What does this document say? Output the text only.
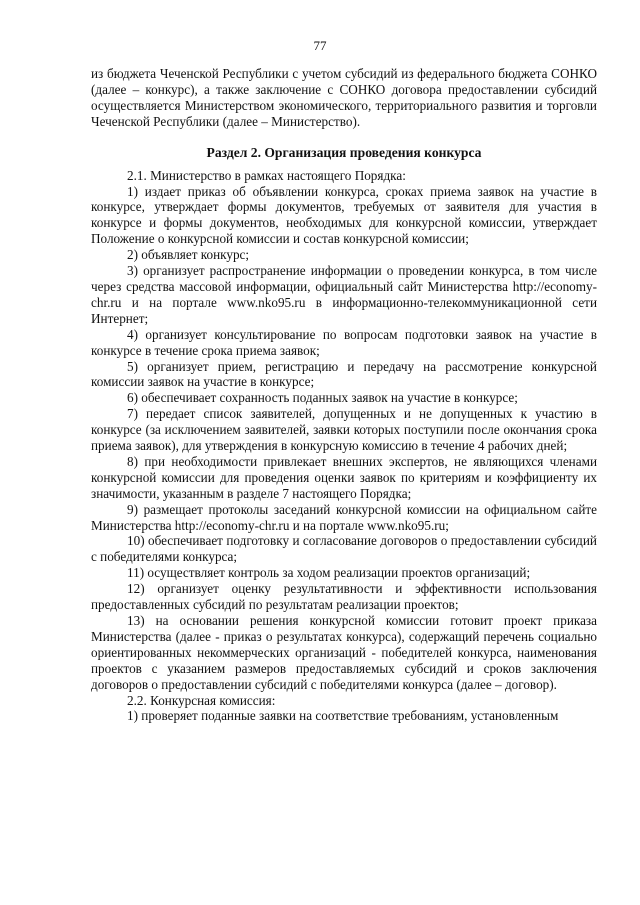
77

из бюджета Чеченской Республики с учетом субсидий из федерального бюджета СОНКО (далее – конкурс), а также заключение с СОНКО договора предоставлении субсидий осуществляется Министерством экономического, территориального развития и торговли Чеченской Республики (далее – Министерство).

Раздел 2. Организация проведения конкурса

2.1. Министерство в рамках настоящего Порядка:

1) издает приказ об объявлении конкурса, сроках приема заявок на участие в конкурсе, утверждает формы документов, требуемых от заявителя для участия в конкурсе и формы документов, необходимых для конкурсной комиссии, утверждает Положение о конкурсной комиссии и состав конкурсной комиссии;

2) объявляет конкурс;

3) организует распространение информации о проведении конкурса, в том числе через средства массовой информации, официальный сайт Министерства http://economy-chr.ru и на портале www.nko95.ru в информационно-телекоммуникационной сети Интернет;

4) организует консультирование по вопросам подготовки заявок на участие в конкурсе в течение срока приема заявок;

5) организует прием, регистрацию и передачу на рассмотрение конкурсной комиссии заявок на участие в конкурсе;

6) обеспечивает сохранность поданных заявок на участие в конкурсе;

7) передает список заявителей, допущенных и не допущенных к участию в конкурсе (за исключением заявителей, заявки которых поступили после окончания срока приема заявок), для утверждения в конкурсную комиссию в течение 4 рабочих дней;

8) при необходимости привлекает внешних экспертов, не являющихся членами конкурсной комиссии для проведения оценки заявок по критериям и коэффициенту их значимости, указанным в разделе 7 настоящего Порядка;

9) размещает протоколы заседаний конкурсной комиссии на официальном сайте Министерства http://economy-chr.ru и на портале www.nko95.ru;

10) обеспечивает подготовку и согласование договоров о предоставлении субсидий с победителями конкурса;

11) осуществляет контроль за ходом реализации проектов организаций;

12) организует оценку результативности и эффективности использования предоставленных субсидий по результатам реализации проектов;

13) на основании решения конкурсной комиссии готовит проект приказа Министерства (далее - приказ о результатах конкурса), содержащий перечень социально ориентированных некоммерческих организаций - победителей конкурса, наименования проектов с указанием размеров предоставляемых субсидий и сроков заключения договоров о предоставлении субсидий с победителями конкурса (далее – договор).

2.2. Конкурсная комиссия:

1) проверяет поданные заявки на соответствие требованиям, установленным
